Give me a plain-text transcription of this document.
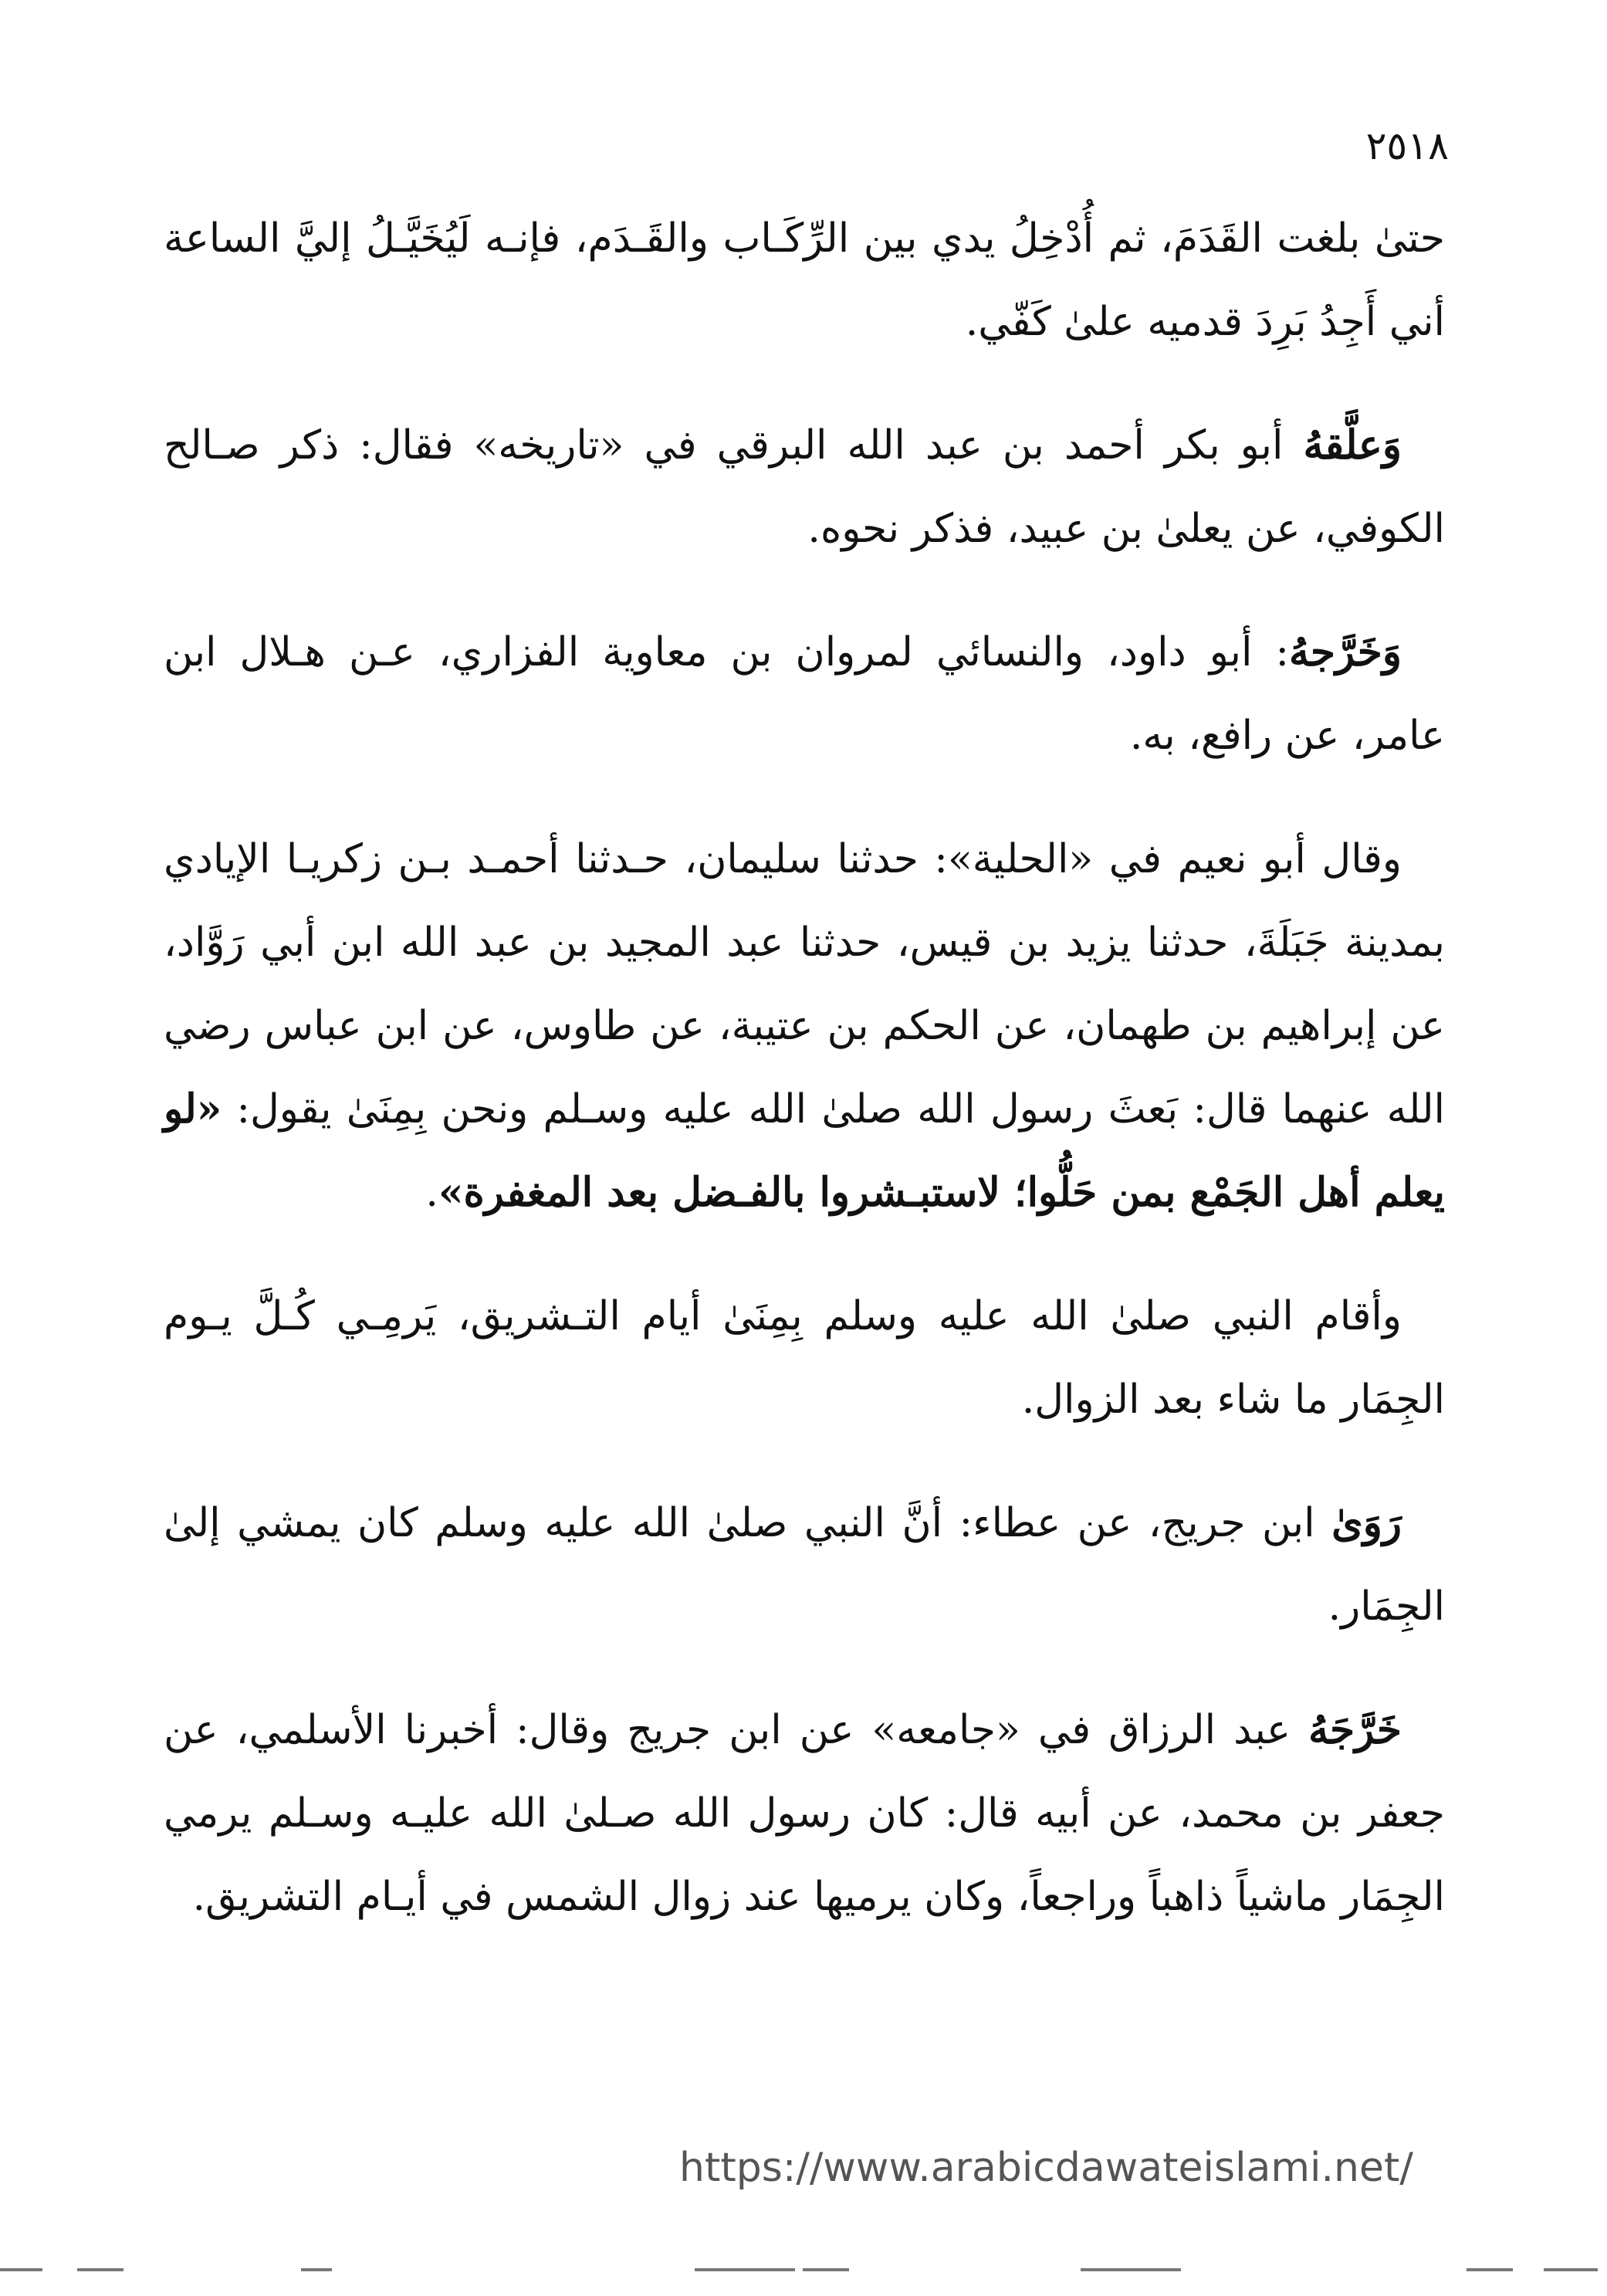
٢٥١٨

حتىٰ بلغت القَدَمَ، ثم أُدْخِلُ يدي بين الرِّكَـاب والقَـدَم، فإنـه لَيُخَيَّـلُ إليَّ الساعة أني أَجِدُ بَرِدَ قدميه علىٰ كَفّي.

وَعلَّقهُ أبو بكر أحمد بن عبد الله البرقي في «تاريخه» فقال: ذكر صـالح الكوفي، عن يعلىٰ بن عبيد، فذكر نحوه.

وَخَرَّجهُ: أبو داود، والنسائي لمروان بن معاوية الفزاري، عـن هـلال ابن عامر، عن رافع، به.

وقال أبو نعيم في «الحلية»: حدثنا سليمان، حـدثنا أحمـد بـن زكريـا الإيادي بمدينة جَبَلَةَ، حدثنا يزيد بن قيس، حدثنا عبد المجيد بن عبد الله ابن أبي رَوَّاد، عن إبراهيم بن طهمان، عن الحكم بن عتيبة، عن طاوس، عن ابن عباس رضي الله عنهما قال: بَعثَ رسول الله صلىٰ الله عليه وسـلم ونحن بِمِنَىٰ يقول: «لو يعلم أهل الجَمْع بمن حَلُّوا؛ لاستبـشروا بالفـضل بعد المغفرة».

وأقام النبي صلىٰ الله عليه وسلم بِمِنَىٰ أيام التـشريق، يَرمِـي كُـلَّ يـوم الجِمَار ما شاء بعد الزوال.

رَوَىٰ ابن جريج، عن عطاء: أنَّ النبي صلىٰ الله عليه وسلم كان يمشي إلىٰ الجِمَار.

خَرَّجَهُ عبد الرزاق في «جامعه» عن ابن جريج وقال: أخبرنا الأسلمي، عن جعفر بن محمد، عن أبيه قال: كان رسول الله صـلىٰ الله عليـه وسـلم يرمي الجِمَار ماشياً ذاهباً وراجعاً، وكان يرميها عند زوال الشمس في أيـام التشريق.

https://www.arabicdawateislami.net/
